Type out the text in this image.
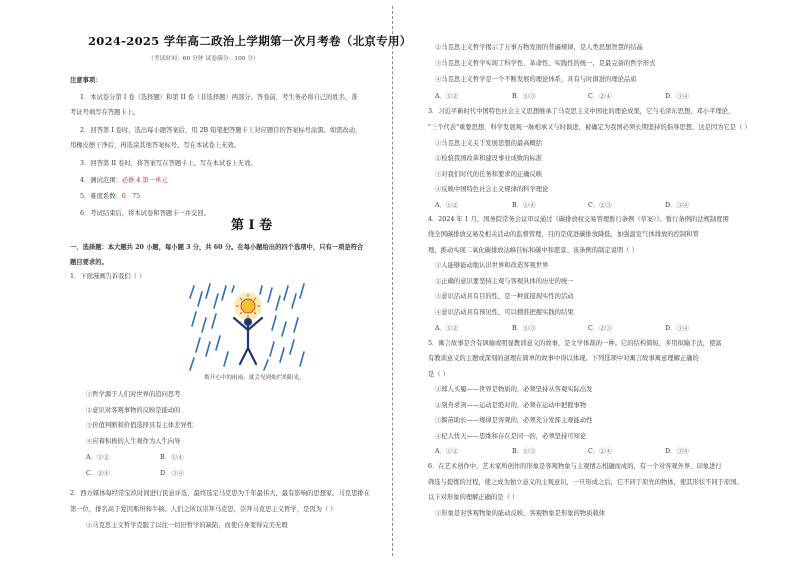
2024-2025 学年高二政治上学期第一次月考卷（北京专用）
（考试时间：60 分钟 试卷满分：100 分）
注意事项：
1．本试卷分第 I 卷（选择题）和第 II 卷（非选择题）两部分。答卷前，考生务必将自己的姓名、准
考证号填写在答题卡上。
2．回答第 I 卷时，选出每小题答案后，用 2B 铅笔把答题卡上对应题目的答案标号涂黑。如需改动，
用橡皮擦干净后，再选涂其他答案标号。写在本试卷上无效。
3．回答第 II 卷时，将答案写在答题卡上。写在本试卷上无效。
4．测试范围：必修 4 第一单元
5．难度系数：0．75
6．考试结束后，将本试卷和答题卡一并交回。
第 I 卷
一、选择题：本大题共 20 小题，每小题 3 分，共 60 分。在每小题给出的四个选项中，只有一项是符合
题目要求的。
1．下面漫画告诉我们（ ）
拨开心中的雨雨，就会见到灿烂的阳光。
①哲学源于人们对世界的追问思考
②意识对客观事物的反映是能动的
③价值判断和价值选择具有主体差异性
④应着积极的人生观作为人生向导
A．①②	B．①④
C．②④	D．③④
2．西方媒体每经常宝玖时间进行民意评选，最终选定马克思为千年最伟大，最有影响的思想家。马克思排在
第一位，排名高于爱因斯坦和牛顿。人们之所以崇拜马克思，崇拜马克思主义哲学，是因为（ ）
①马克思主义哲学克服了以往一切旧哲学的缺陷，而使自身变得完美无瑕
②马克思主义哲学揭示了万事万物发展的普遍规律，是人类思想智慧的结晶
③马克思主义哲学实现了科学性、革命性、实践性的统一，是最完备的哲学形式
④马克思主义哲学是一个不断发展的理论体系，具有与时俱进的理论品质
A．①②	B．①③	C．②④	D．③④
3．习近平新时代中国特色社会主义思想继承了马克思主义中国化的理论成果，它与毛泽东思想、邓小平理论、
"三个代表"重要思想、科学发展观一脉相承又与时俱进，被确定为我国必须长期坚持的指导思想，这是因为它是（ ）
①马克思主义关于发展思想的最高概括
②检验我国改革和建设事业成败的标准
③对我们时代的任务和要求的正确反映
④反映中国特色社会主义规律的科学理论
A．①②	B．①④	C．②③	D．③④
4．2024 年 1 月，国务院常务会议审议通过《碳排放权交易管理暂行条例（草案）》。暂行条例的法规制度围
绕全国碳排放交易及相关活动的监督管理，目的是促进碳排放降低，加强温室气体排放的控制和管
理，推动实现二氧化碳排放达峰目标和碳中和愿景。该条例的制定说明（ ）
①人能够能动地认识世界和改造客观世界
②正确的意识要坚持主观与客观具体的历史的统一
③意识活动具有目的性，是一种直接现实性的活动
④意识活动具有预见性，可以精准把握实践的结果
A．①②	B．①③	C．②③	D．③④
5．寓言故事是含有讽喻或明显教训意义的故事，是文学体裁的一种。它的结构简短，多用拟喻手法，使富
有教训意义的主题或深刻的道理在简单的故事中得以体现。下列选项中对寓言故事寓意理解正确的
是（ ）
①郑人买履——世界是物质的，必须坚持从客观实际出发
②刻舟求剑——运动是绝对的，必须在运动中把握事物
③揠苗助长——规律是客观的，必须充分发挥主观能动性
④杞人忧天——思维和存在是同一的，必须坚持可知论
A．①②	B．①③	C．②④	D．③④
6．在艺术创作中，艺术家所创作的形象是客观物象与主观情志相融而成的，有一个对客观外界、印象进行
筛选与提炼的过程，使之成为独立意义的主观意识，一旦形成之后，它不同于原先的物体，使其形状不同于原国。
以下对形象的理解正确的是（ ）
①形象是对客观物象的能动反映，客观物象是形象的物质载体
